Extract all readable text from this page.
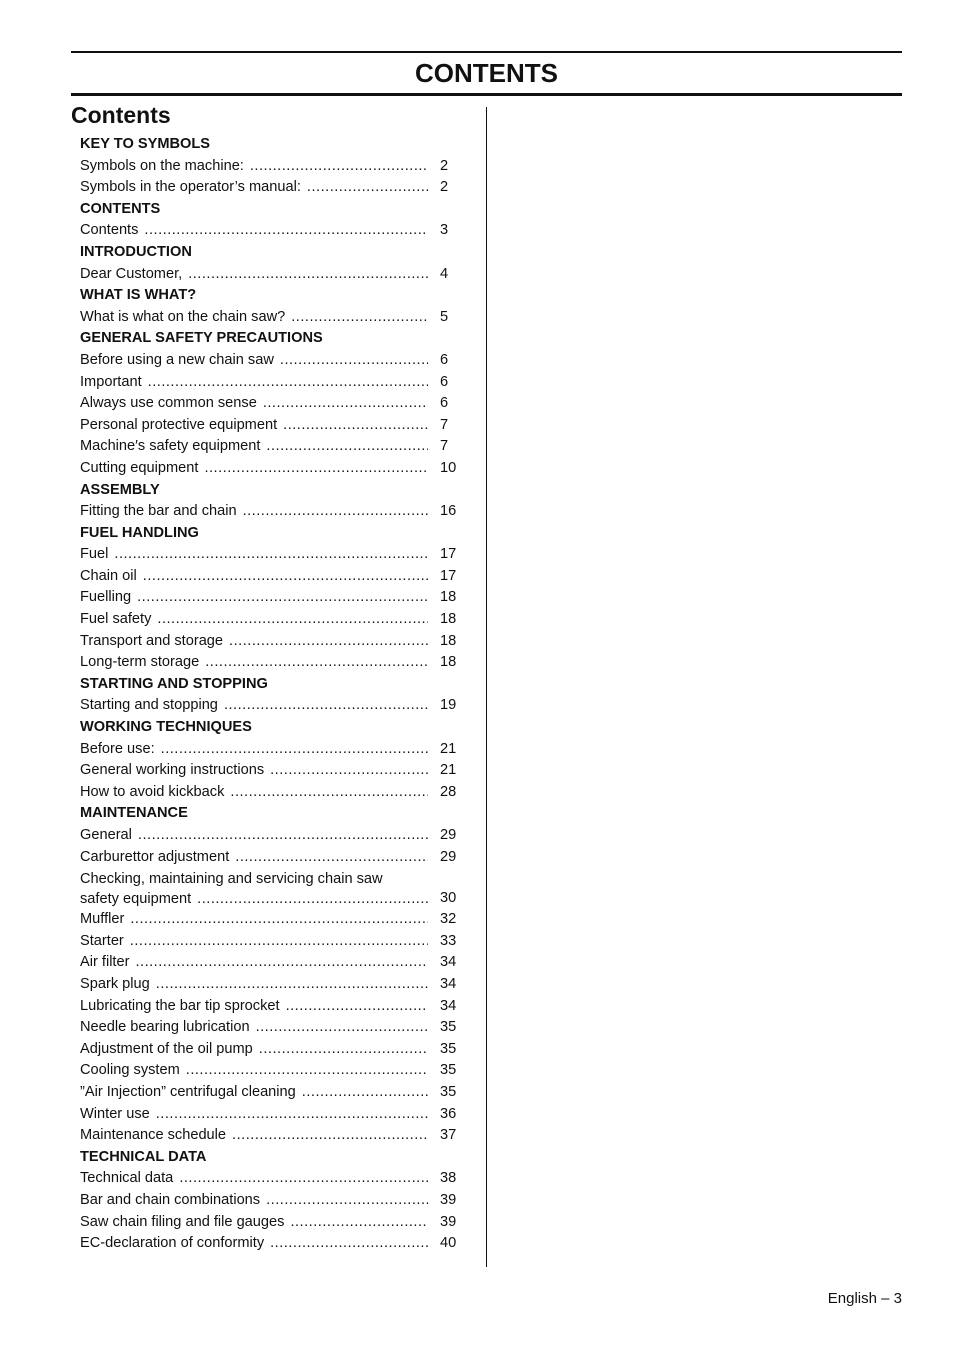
CONTENTS
Contents
KEY TO SYMBOLS
Symbols on the machine: .....	2
Symbols in the operator’s manual: .....	2
CONTENTS
Contents .....	3
INTRODUCTION
Dear Customer, .....	4
WHAT IS WHAT?
What is what on the chain saw? .....	5
GENERAL SAFETY PRECAUTIONS
Before using a new chain saw .....	6
Important .....	6
Always use common sense .....	6
Personal protective equipment .....	7
Machine′s safety equipment .....	7
Cutting equipment .....	10
ASSEMBLY
Fitting the bar and chain .....	16
FUEL HANDLING
Fuel .....	17
Chain oil .....	17
Fuelling .....	18
Fuel safety .....	18
Transport and storage .....	18
Long-term storage .....	18
STARTING AND STOPPING
Starting and stopping .....	19
WORKING TECHNIQUES
Before use: .....	21
General working instructions .....	21
How to avoid kickback .....	28
MAINTENANCE
General .....	29
Carburettor adjustment .....	29
Checking, maintaining and servicing chain saw
safety equipment .....	30
Muffler .....	32
Starter .....	33
Air filter .....	34
Spark plug .....	34
Lubricating the bar tip sprocket .....	34
Needle bearing lubrication .....	35
Adjustment of the oil pump .....	35
Cooling system .....	35
”Air Injection” centrifugal cleaning .....	35
Winter use .....	36
Maintenance schedule .....	37
TECHNICAL DATA
Technical data .....	38
Bar and chain combinations .....	39
Saw chain filing and file gauges .....	39
EC-declaration of conformity .....	40
English – 3
